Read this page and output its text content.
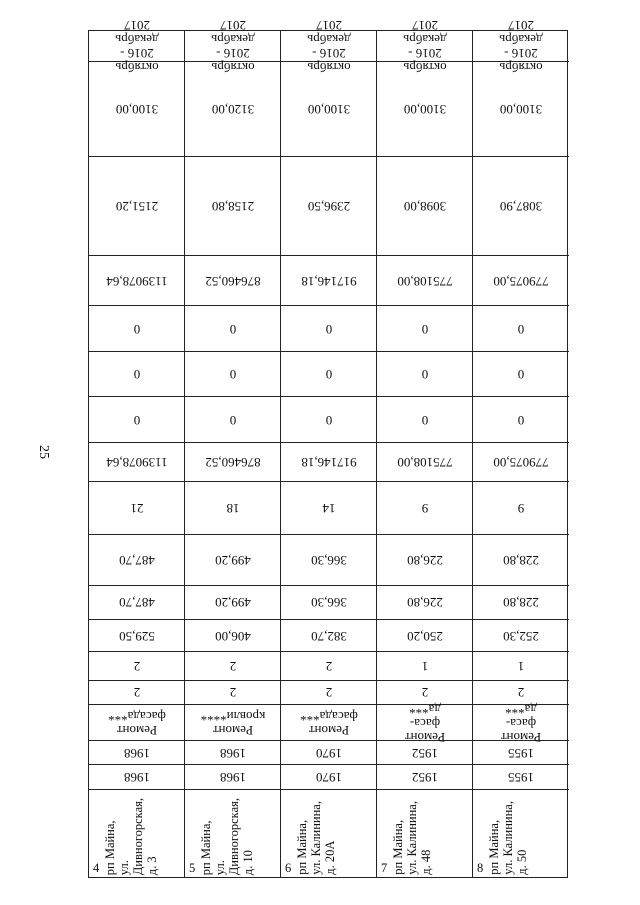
25
октябрь 2016 -
декабрь 2017
3100,00
2151,20
1139078,64
0
0
0
1139078,64
21
487,70
487,70
529,50
2
2
Ремонт
фасада***
1968
1968
4 рп Майна,
ул.
Дивногорская,
д. 3
октябрь 2016 -
декабрь 2017
3120,00
2158,80
876460,52
0
0
0
876460,52
18
499,20
499,20
406,00
2
2
Ремонт
кровли****
1968
1968
5 рп Майна,
ул.
Дивногорская,
д. 10
октябрь 2016 -
декабрь 2017
3100,00
2396,50
917146,18
0
0
0
917146,18
14
366,30
366,30
382,70
2
2
Ремонт
фасада***
1970
1970
6 рп Майна,
ул. Калинина,
д. 20А
октябрь 2016 -
декабрь 2017
3100,00
3098,00
775108,00
0
0
0
775108,00
9
226,80
226,80
250,20
1
2
Ремонт фаса-
да***
1952
1952
7 рп Майна,
ул. Калинина,
д. 48
октябрь 2016 -
декабрь 2017
3100,00
3087,90
779075,00
0
0
0
779075,00
9
228,80
228,80
252,30
1
2
Ремонт фаса-
да***
1955
1955
8 рп Майна,
ул. Калинина,
д. 50
